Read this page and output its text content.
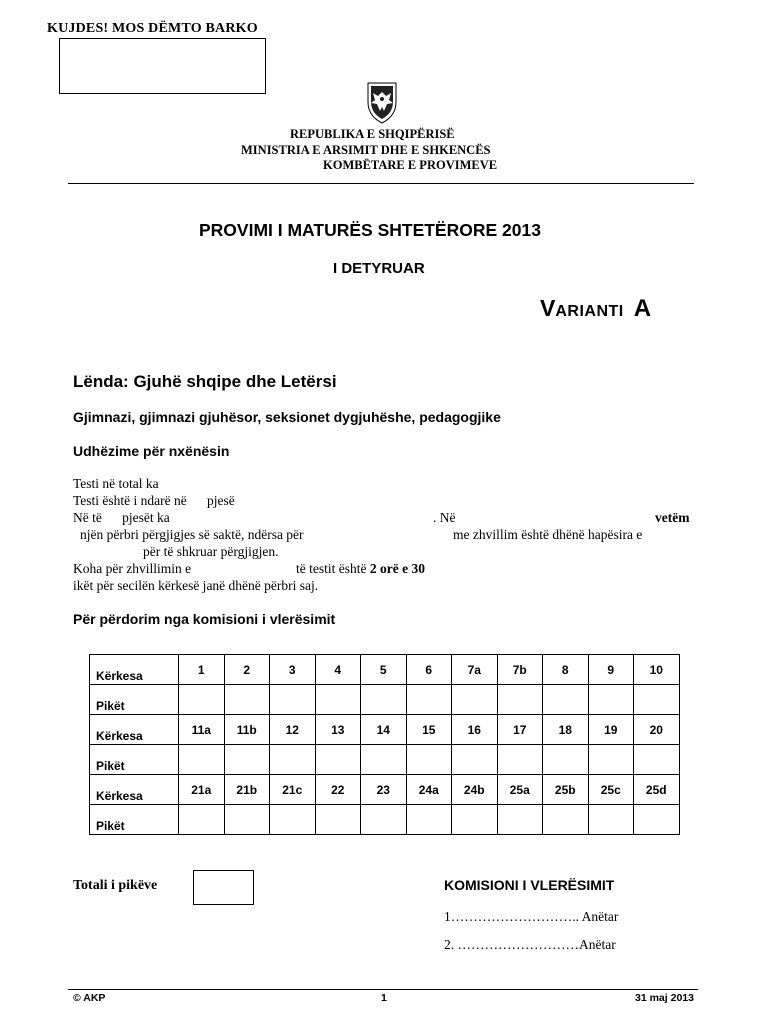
KUJDES! MOS DËMTO BARKO
REPUBLIKA E SHQIPËRISË
MINISTRIA E ARSIMIT DHE E SHKENCËS
KOMBËTARE E PROVIMEVE
PROVIMI I MATURËS SHTETËRORE 2013
I DETYRUAR
VARIANTI A
Lënda: Gjuhë shqipe dhe Letërsi
Gjimnazi, gjimnazi gjuhësor, seksionet dygjuhëshe, pedagogjike
Udhëzime për nxënësin
Testi në total ka
Testi është i ndarë në      pjesë
Në të      pjesët ka	. Në	vetëm
njën përbri përgjigjes së saktë, ndërsa për	me zhvillim është dhënë hapësira e
për të shkruar përgjigjen.
Koha për zhvillimin e	të testit është 2 orë e 30
ikët për secilën kërkesë janë dhënë përbri saj.
Për përdorim nga komisioni i vlerësimit
Kërkesa	1	2	3	4	5	6	7a	7b	8	9	10
Pikët											
Kërkesa	11a	11b	12	13	14	15	16	17	18	19	20
Pikët											
Kërkesa	21a	21b	21c	22	23	24a	24b	25a	25b	25c	25d
Pikët											
Totali i pikëve	KOMISIONI I VLERËSIMIT
1……………………….. Anëtar
2. ………………………Anëtar
© AKP	1	31 maj 2013
